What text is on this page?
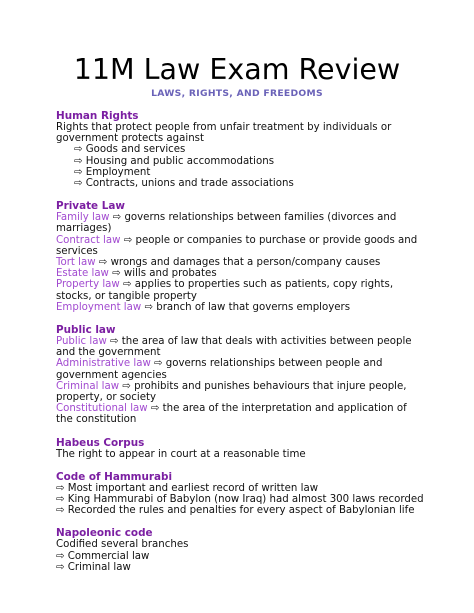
11M Law Exam Review
LAWS, RIGHTS, AND FREEDOMS
Human Rights
Rights that protect people from unfair treatment by individuals or government protects against
⇨ Goods and services
⇨ Housing and public accommodations
⇨ Employment
⇨ Contracts, unions and trade associations
Private Law
Family law ⇨ governs relationships between families (divorces and marriages)
Contract law ⇨ people or companies to purchase or provide goods and services
Tort law ⇨ wrongs and damages that a person/company causes
Estate law ⇨ wills and probates
Property law ⇨ applies to properties such as patients, copy rights, stocks, or tangible property
Employment law ⇨ branch of law that governs employers
Public law
Public law ⇨ the area of law that deals with activities between people and the government
Administrative law ⇨ governs relationships between people and government agencies
Criminal law ⇨ prohibits and punishes behaviours that injure people, property, or society
Constitutional law ⇨ the area of the interpretation and application of the constitution
Habeus Corpus
The right to appear in court at a reasonable time
Code of Hammurabi
⇨ Most important and earliest record of written law
⇨ King Hammurabi of Babylon (now Iraq) had almost 300 laws recorded
⇨ Recorded the rules and penalties for every aspect of Babylonian life
Napoleonic code
Codified several branches
⇨ Commercial law
⇨ Criminal law
